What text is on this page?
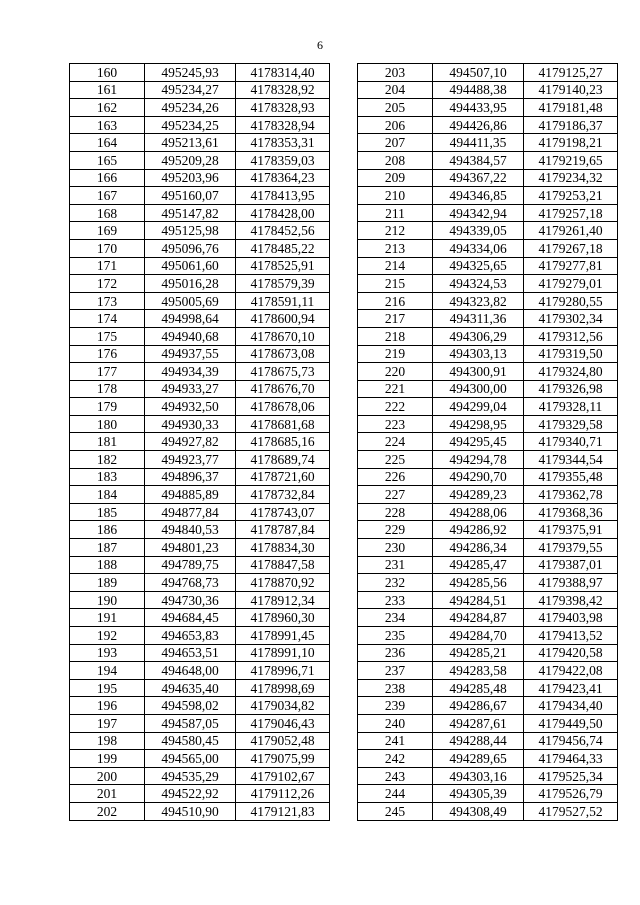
6
160	495245,93	4178314,40
161	495234,27	4178328,92
162	495234,26	4178328,93
163	495234,25	4178328,94
164	495213,61	4178353,31
165	495209,28	4178359,03
166	495203,96	4178364,23
167	495160,07	4178413,95
168	495147,82	4178428,00
169	495125,98	4178452,56
170	495096,76	4178485,22
171	495061,60	4178525,91
172	495016,28	4178579,39
173	495005,69	4178591,11
174	494998,64	4178600,94
175	494940,68	4178670,10
176	494937,55	4178673,08
177	494934,39	4178675,73
178	494933,27	4178676,70
179	494932,50	4178678,06
180	494930,33	4178681,68
181	494927,82	4178685,16
182	494923,77	4178689,74
183	494896,37	4178721,60
184	494885,89	4178732,84
185	494877,84	4178743,07
186	494840,53	4178787,84
187	494801,23	4178834,30
188	494789,75	4178847,58
189	494768,73	4178870,92
190	494730,36	4178912,34
191	494684,45	4178960,30
192	494653,83	4178991,45
193	494653,51	4178991,10
194	494648,00	4178996,71
195	494635,40	4178998,69
196	494598,02	4179034,82
197	494587,05	4179046,43
198	494580,45	4179052,48
199	494565,00	4179075,99
200	494535,29	4179102,67
201	494522,92	4179112,26
202	494510,90	4179121,83
203	494507,10	4179125,27
204	494488,38	4179140,23
205	494433,95	4179181,48
206	494426,86	4179186,37
207	494411,35	4179198,21
208	494384,57	4179219,65
209	494367,22	4179234,32
210	494346,85	4179253,21
211	494342,94	4179257,18
212	494339,05	4179261,40
213	494334,06	4179267,18
214	494325,65	4179277,81
215	494324,53	4179279,01
216	494323,82	4179280,55
217	494311,36	4179302,34
218	494306,29	4179312,56
219	494303,13	4179319,50
220	494300,91	4179324,80
221	494300,00	4179326,98
222	494299,04	4179328,11
223	494298,95	4179329,58
224	494295,45	4179340,71
225	494294,78	4179344,54
226	494290,70	4179355,48
227	494289,23	4179362,78
228	494288,06	4179368,36
229	494286,92	4179375,91
230	494286,34	4179379,55
231	494285,47	4179387,01
232	494285,56	4179388,97
233	494284,51	4179398,42
234	494284,87	4179403,98
235	494284,70	4179413,52
236	494285,21	4179420,58
237	494283,58	4179422,08
238	494285,48	4179423,41
239	494286,67	4179434,40
240	494287,61	4179449,50
241	494288,44	4179456,74
242	494289,65	4179464,33
243	494303,16	4179525,34
244	494305,39	4179526,79
245	494308,49	4179527,52
